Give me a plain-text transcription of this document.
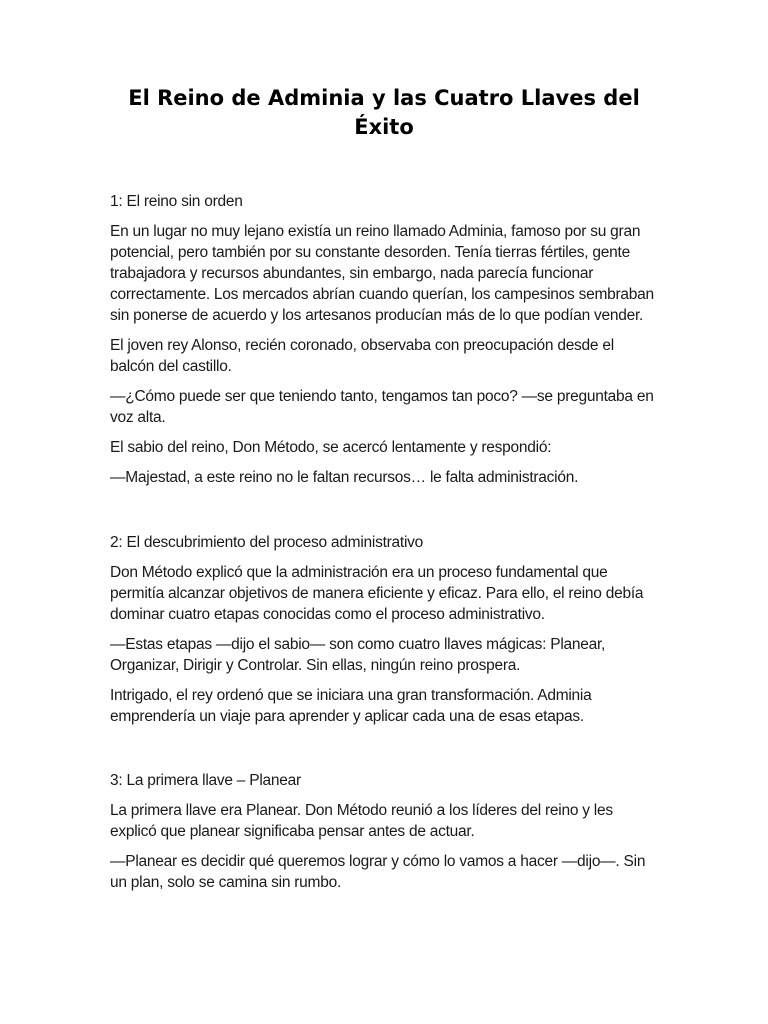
El Reino de Adminia y las Cuatro Llaves del Éxito
1: El reino sin orden

En un lugar no muy lejano existía un reino llamado Adminia, famoso por su gran potencial, pero también por su constante desorden. Tenía tierras fértiles, gente trabajadora y recursos abundantes, sin embargo, nada parecía funcionar correctamente. Los mercados abrían cuando querían, los campesinos sembraban sin ponerse de acuerdo y los artesanos producían más de lo que podían vender.

El joven rey Alonso, recién coronado, observaba con preocupación desde el balcón del castillo.

—¿Cómo puede ser que teniendo tanto, tengamos tan poco? —se preguntaba en voz alta.

El sabio del reino, Don Método, se acercó lentamente y respondió:

—Majestad, a este reino no le faltan recursos… le falta administración.

2: El descubrimiento del proceso administrativo

Don Método explicó que la administración era un proceso fundamental que permitía alcanzar objetivos de manera eficiente y eficaz. Para ello, el reino debía dominar cuatro etapas conocidas como el proceso administrativo.

—Estas etapas —dijo el sabio— son como cuatro llaves mágicas: Planear, Organizar, Dirigir y Controlar. Sin ellas, ningún reino prospera.

Intrigado, el rey ordenó que se iniciara una gran transformación. Adminia emprendería un viaje para aprender y aplicar cada una de esas etapas.

3: La primera llave – Planear

La primera llave era Planear. Don Método reunió a los líderes del reino y les explicó que planear significaba pensar antes de actuar.

—Planear es decidir qué queremos lograr y cómo lo vamos a hacer —dijo—. Sin un plan, solo se camina sin rumbo.
